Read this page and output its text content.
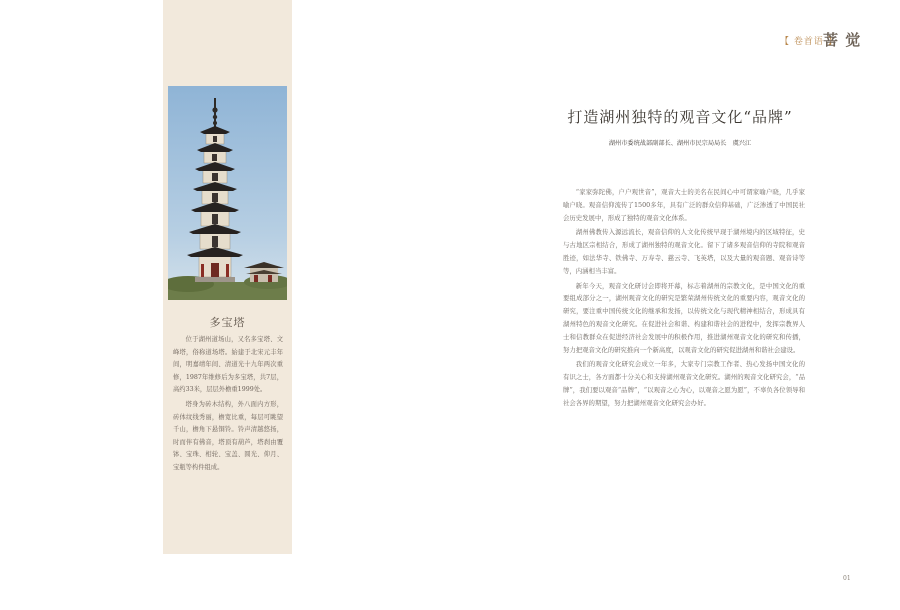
多宝塔

位于湖州道场山，又名多宝塔、文峰塔，俗称道场塔。始建于北宋元丰年间，明嘉靖年间、清道光十九年两次重修，1987年维修后为多宝塔，共7层，高约33米，层层外檐重1999处。

塔身为砖木结构，外八面内方形，砖体纹线秀丽，檐宽比重，每层可眺望千山，檐角下悬铜铃。铃声清越悠扬，时而伴有佛音，塔顶有葫芦，塔刹由覆钵、宝珠、相轮、宝盖、圆光、仰月、宝瓶等构件组成。

【 卷首语 】
菩 觉
打造湖州独特的观音文化“品牌”
湖州市委统战部副部长、湖州市民宗局局长　虞兴江

“家家弥陀佛，户户观世音”，观音大士的美名在民间心中可谓家喻户晓，几乎家喻户晓。观音信仰流传了1500多年，具有广泛的群众信仰基础，广泛渗透了中国民社会历史发展中，形成了独特的观音文化体系。

湖州佛教传入源远流长，观音信仰的人文化传统早现于湖州境内的区域特征，史与古地区宗相结合，形成了湖州独特的观音文化。留下了诸多观音信仰的寺院和观音胜迹，如法华寺、铁佛寺、万寿寺、慈云寺、飞英塔，以及大量的观音题、观音诗等等，内涵相当丰富。

新年今天，观音文化研讨会即将开幕，标志着湖州的宗教文化，是中国文化的重要组成部分之一，湖州观音文化的研究是繁荣湖州传统文化的重要内容，观音文化的研究，要注重中国传统文化的继承和发扬，以传统文化与现代精神相结合，形成具有湖州特色的观音文化研究。在促进社会和谐、构建和谐社会的进程中，发挥宗教界人士和信教群众在促进经济社会发展中的积极作用，推进湖州观音文化的研究和传播，努力把观音文化的研究推向一个新高度，以观音文化的研究促进湖州和谐社会建设。

我们的观音文化研究会成立一年多，大家专门宗教工作者、热心发扬中国文化的有识之士，各方面都十分关心和支持湖州观音文化研究。湖州的观音文化研究会，“品牌”，我们要以观音“品牌”，“以观音之心为心，以观音之愿为愿”，不辜负各位领导和社会各界的期望，努力把湖州观音文化研究会办好。

01
